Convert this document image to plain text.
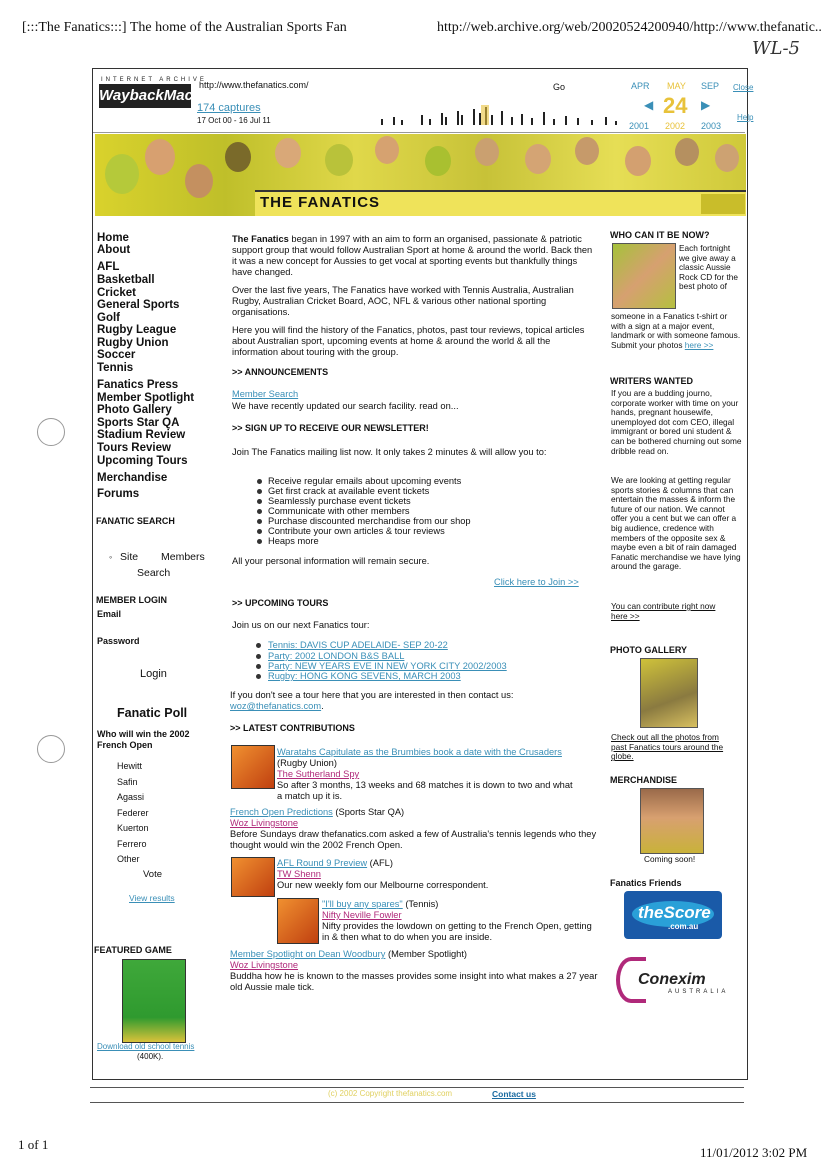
[:::The Fanatics:::] The home of the Australian Sports Fan	http://web.archive.org/web/20020524200940/http://www.thefanatic..
WL-5
1 of 1
11/01/2012 3:02 PM
INTERNET ARCHIVE
WaybackMachine
http://www.thefanatics.com/	Go
174 captures
17 Oct 00 - 16 Jul 11
APR MAY SEP
◀ 24 ▶
2001 2002 2003
Close
Help
THE FANATICS
Home
About
AFL
Basketball
Cricket
General Sports
Golf
Rugby League
Rugby Union
Soccer
Tennis
Fanatics Press
Member Spotlight
Photo Gallery
Sports Star QA
Stadium Review
Tours Review
Upcoming Tours
Merchandise
Forums
FANATIC SEARCH
◦ Site Members
Search
MEMBER LOGIN
Email
Password
Login
Fanatic Poll
Who will win the 2002 French Open
Hewitt
Safin
Agassi
Federer
Kuerton
Ferrero
Other
Vote
View results
FEATURED GAME
Download old school tennis
(400K).
The Fanatics began in 1997 with an aim to form an organised, passionate & patriotic support group that would follow Australian Sport at home & around the world. Back then it was a new concept for Aussies to get vocal at sporting events but thankfully things have changed.
Over the last five years, The Fanatics have worked with Tennis Australia, Australian Rugby, Australian Cricket Board, AOC, NFL & various other national sporting organisations.
Here you will find the history of the Fanatics, photos, past tour reviews, topical articles about Australian sport, upcoming events at home & around the world & all the information about touring with the group.
>> ANNOUNCEMENTS
Member Search
We have recently updated our search facility. read on...
>> SIGN UP TO RECEIVE OUR NEWSLETTER!
Join The Fanatics mailing list now. It only takes 2 minutes & will allow you to:
Receive regular emails about upcoming events
Get first crack at available event tickets
Seamlessly purchase event tickets
Communicate with other members
Purchase discounted merchandise from our shop
Contribute your own articles & tour reviews
Heaps more
All your personal information will remain secure.
Click here to Join >>
>> UPCOMING TOURS
Join us on our next Fanatics tour:
Tennis: DAVIS CUP ADELAIDE- SEP 20-22
Party: 2002 LONDON B&S BALL
Party: NEW YEARS EVE IN NEW YORK CITY 2002/2003
Rugby: HONG KONG SEVENS, MARCH 2003
If you don't see a tour here that you are interested in then contact us:
woz@thefanatics.com.
>> LATEST CONTRIBUTIONS
Waratahs Capitulate as the Brumbies book a date with the Crusaders (Rugby Union)
The Sutherland Spy
So after 3 months, 13 weeks and 68 matches it is down to two and what a match up it is.
French Open Predictions (Sports Star QA)
Woz Livingstone
Before Sundays draw thefanatics.com asked a few of Australia's tennis legends who they thought would win the 2002 French Open.
AFL Round 9 Preview (AFL)
TW Shenn
Our new weekly fom our Melbourne correspondent.
"I'll buy any spares" (Tennis)
Nifty Neville Fowler
Nifty provides the lowdown on getting to the French Open, getting in & then what to do when you are inside.
Member Spotlight on Dean Woodbury (Member Spotlight)
Woz Livingstone
Buddha how he is known to the masses provides some insight into what makes a 27 year old Aussie male tick.
WHO CAN IT BE NOW?
Each fortnight we give away a classic Aussie Rock CD for the best photo of
someone in a Fanatics t-shirt or with a sign at a major event, landmark or with someone famous. Submit your photos here >>
WRITERS WANTED
If you are a budding journo, corporate worker with time on your hands, pregnant housewife, unemployed dot com CEO, illegal immigrant or bored uni student & can be bothered churning out some dribble read on.
We are looking at getting regular sports stories & columns that can entertain the masses & inform the future of our nation. We cannot offer you a cent but we can offer a big audience, credence with members of the opposite sex & maybe even a bit of rain damaged Fanatic merchandise we have lying around the garage.
You can contribute right now here >>
PHOTO GALLERY
Check out all the photos from past Fanatics tours around the globe.
MERCHANDISE
Coming soon!
Fanatics Friends
theScore
.com.au
Conexim
AUSTRALIA
(c) 2002 Copyright thefanatics.com	Contact us
